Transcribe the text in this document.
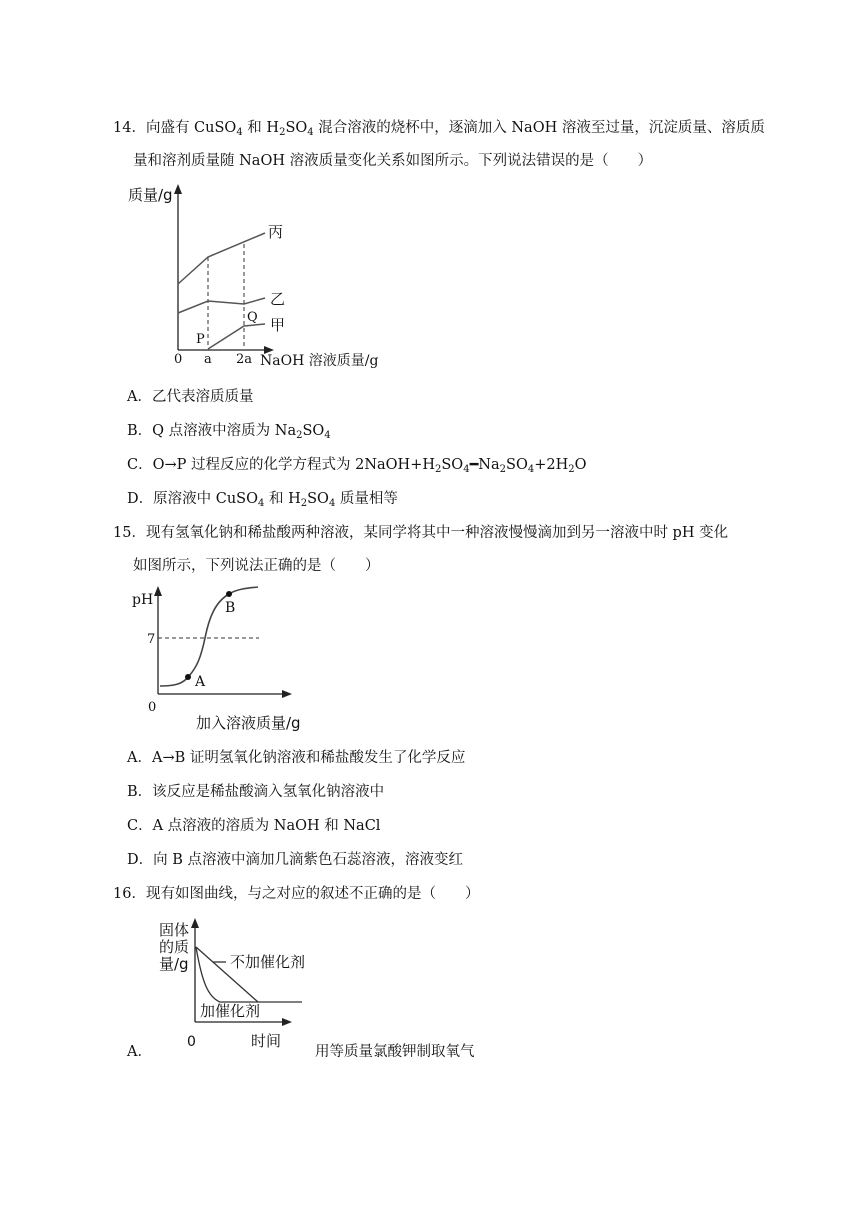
14．向盛有 CuSO$_4$ 和 $H_2SO_4$ 混合溶液的烧杯中，逐滴加入 NaOH 溶液至过量，沉淀质量、溶质质
量和溶剂质量随 NaOH 溶液质量变化关系如图所示。下列说法错误的是（　　）
质量/g
0 a 2a NaOH 溶液质量/g
丙
乙
甲
P
Q
A．乙代表溶质质量
B．Q 点溶液中溶质为 $Na_2SO_4$
C．O→P 过程反应的化学方程式为 $2NaOH+H_2SO_4━Na_2SO_4+2H_2O$
D．原溶液中 CuSO$_4$ 和 $H_2SO_4$ 质量相等
15．现有氢氧化钠和稀盐酸两种溶液，某同学将其中一种溶液慢慢滴加到另一溶液中时 pH 变化
如图所示，下列说法正确的是（　　）
pH
7
0
A
B
加入溶液质量/g
A．A→B 证明氢氧化钠溶液和稀盐酸发生了化学反应
B．该反应是稀盐酸滴入氢氧化钠溶液中
C．A 点溶液的溶质为 NaOH 和 NaCl
D．向 B 点溶液中滴加几滴紫色石蕊溶液，溶液变红
16．现有如图曲线，与之对应的叙述不正确的是（　　）
固体
的质
量/g	不加催化剂
加催化剂
0	时间
A．	用等质量氯酸钾制取氧气
